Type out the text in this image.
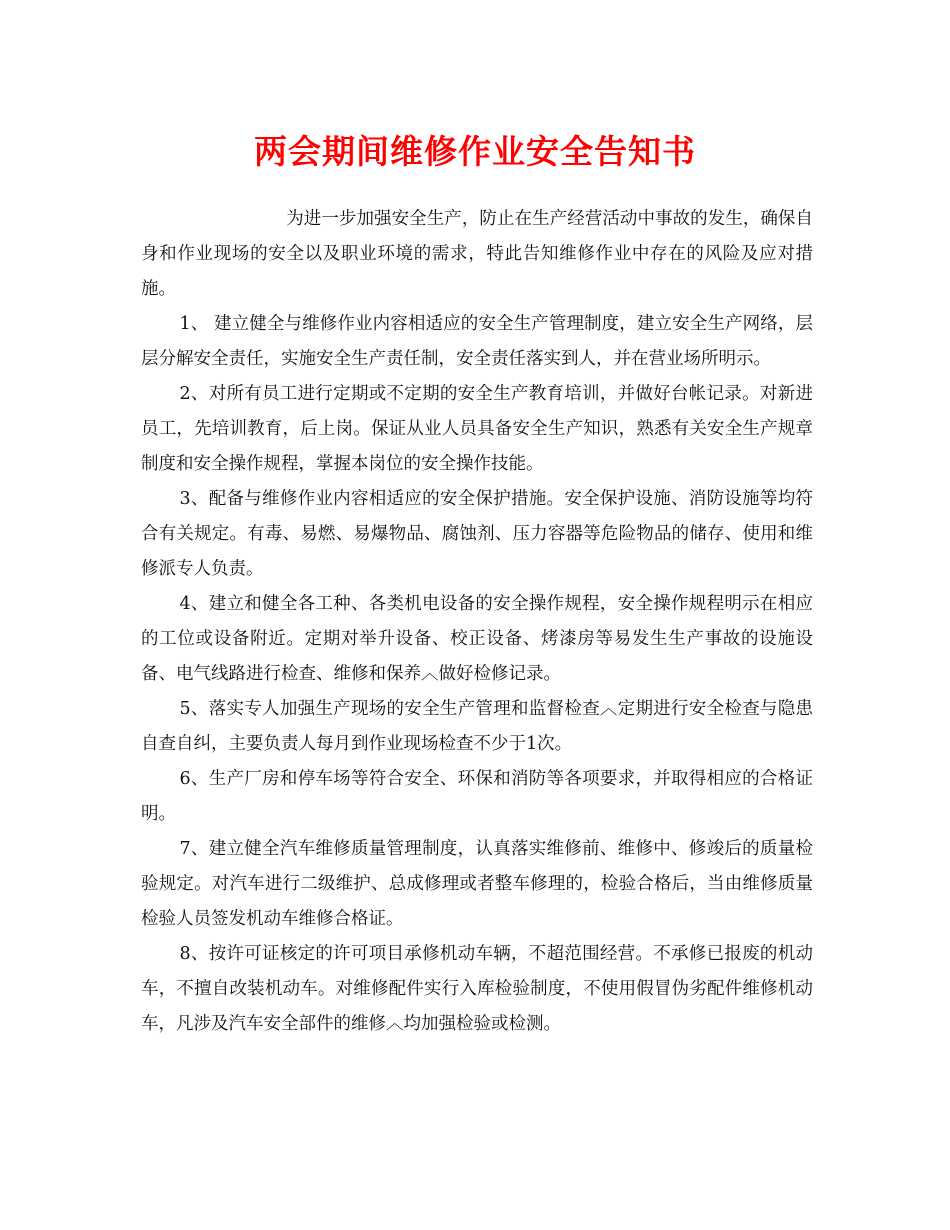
两会期间维修作业安全告知书

为进一步加强安全生产，防止在生产经营活动中事故的发生，确保自身和作业现场的安全以及职业环境的需求，特此告知维修作业中存在的风险及应对措施。

1、 建立健全与维修作业内容相适应的安全生产管理制度，建立安全生产网络，层层分解安全责任，实施安全生产责任制，安全责任落实到人，并在营业场所明示。

2、对所有员工进行定期或不定期的安全生产教育培训，并做好台帐记录。对新进员工，先培训教育，后上岗。保证从业人员具备安全生产知识，熟悉有关安全生产规章制度和安全操作规程，掌握本岗位的安全操作技能。

3、配备与维修作业内容相适应的安全保护措施。安全保护设施、消防设施等均符合有关规定。有毒、易燃、易爆物品、腐蚀剂、压力容器等危险物品的储存、使用和维修派专人负责。

4、建立和健全各工种、各类机电设备的安全操作规程，安全操作规程明示在相应的工位或设备附近。定期对举升设备、校正设备、烤漆房等易发生生产事故的设施设备、电气线路进行检查、维修和保养︿做好检修记录。

5、落实专人加强生产现场的安全生产管理和监督检查︿定期进行安全检查与隐患自查自纠，主要负责人每月到作业现场检查不少于1次。

6、生产厂房和停车场等符合安全、环保和消防等各项要求，并取得相应的合格证明。

7、建立健全汽车维修质量管理制度，认真落实维修前、维修中、修竣后的质量检验规定。对汽车进行二级维护、总成修理或者整车修理的，检验合格后，当由维修质量检验人员签发机动车维修合格证。

8、按许可证核定的许可项目承修机动车辆，不超范围经营。不承修已报废的机动车，不擅自改装机动车。对维修配件实行入库检验制度，不使用假冒伪劣配件维修机动车，凡涉及汽车安全部件的维修︿均加强检验或检测。
